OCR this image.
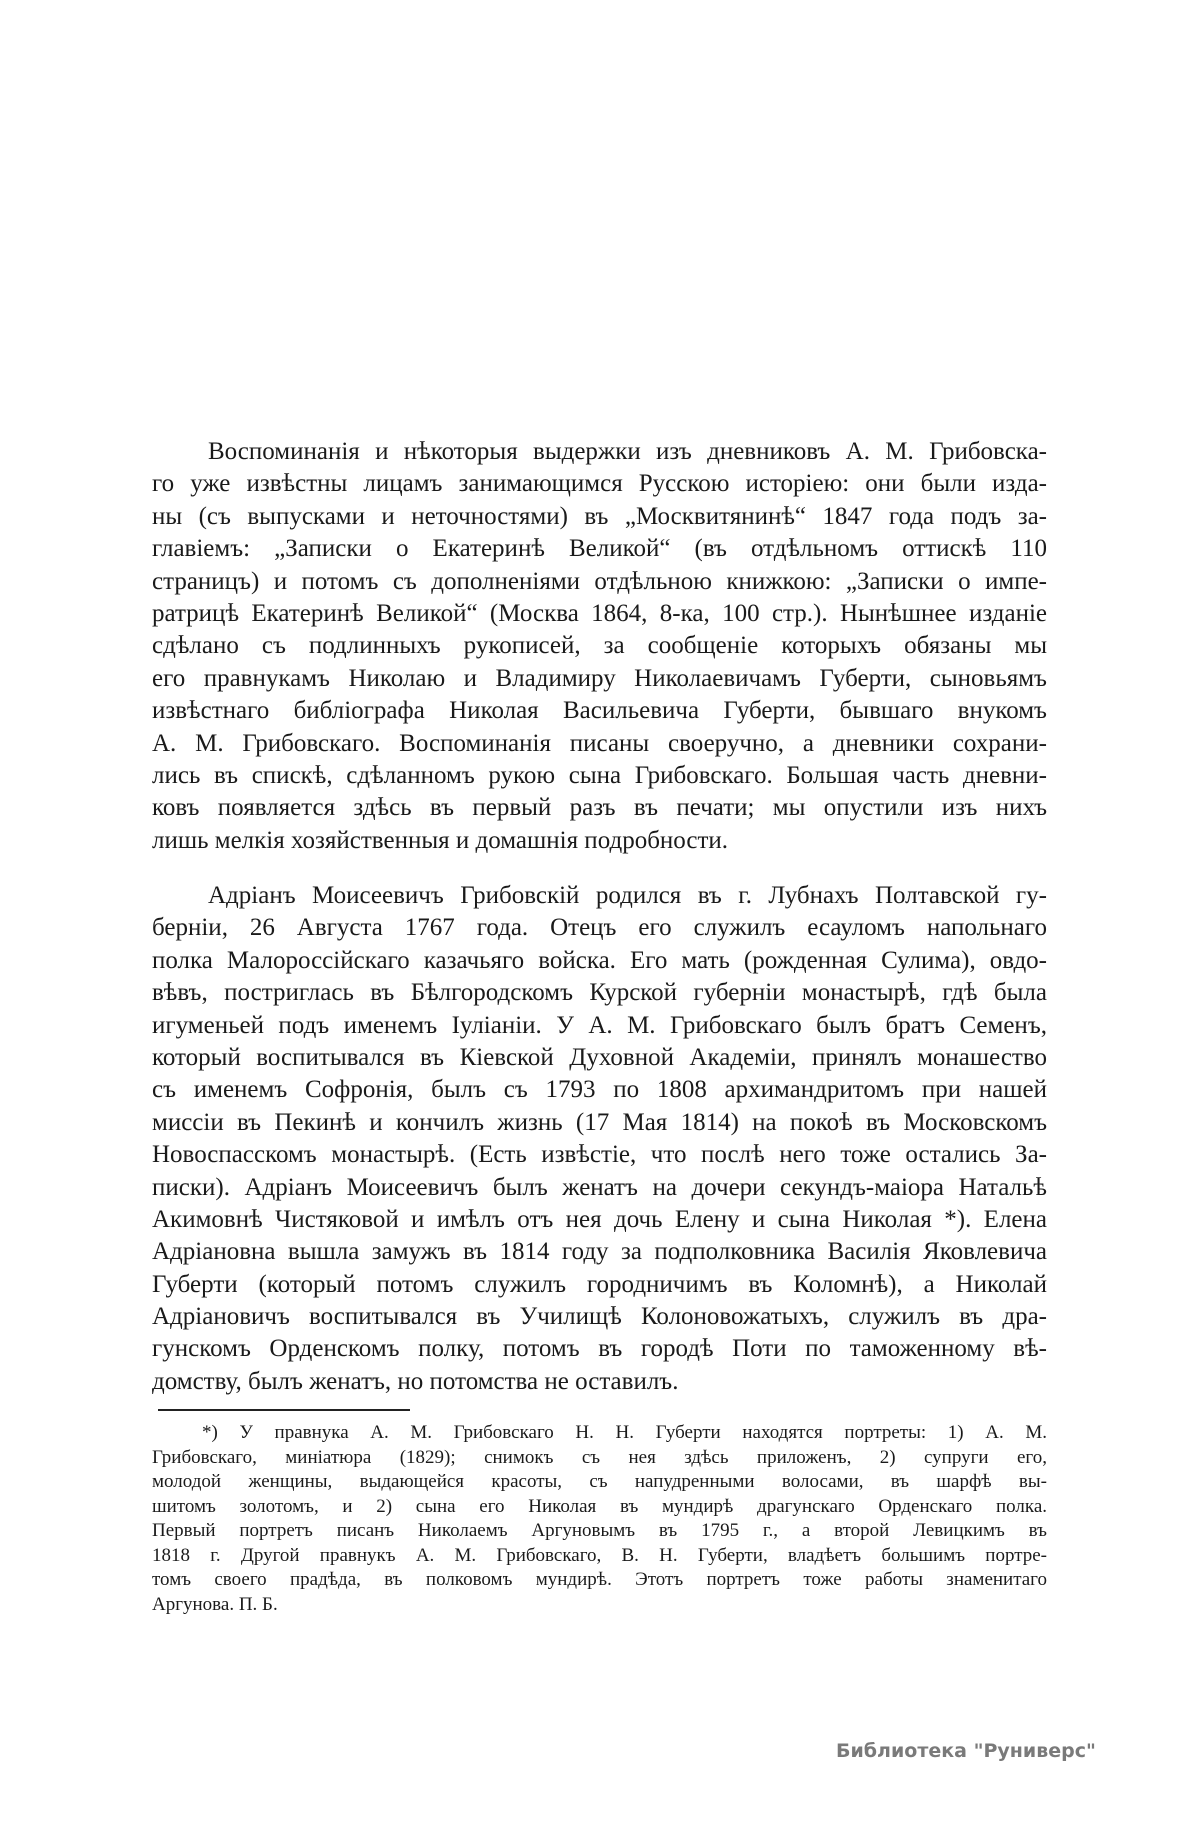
Воспоминанія и нѣкоторыя выдержки изъ дневниковъ А. М. Грибовска-
го уже извѣстны лицамъ занимающимся Русскою исторіею: они были изда-
ны (съ выпусками и неточностями) въ „Москвитянинѣ“ 1847 года подъ за-
главіемъ: „Записки о Екатеринѣ Великой“ (въ отдѣльномъ оттискѣ 110
страницъ) и потомъ съ дополненіями отдѣльною книжкою: „Записки о импе-
ратрицѣ Екатеринѣ Великой“ (Москва 1864, 8-ка, 100 стр.). Нынѣшнее изданіе
сдѣлано съ подлинныхъ рукописей, за сообщеніе которыхъ обязаны мы
его правнукамъ Николаю и Владимиру Николаевичамъ Губерти, сыновьямъ
извѣстнаго библіографа Николая Васильевича Губерти, бывшаго внукомъ
А. М. Грибовскаго. Воспоминанія писаны своеручно, а дневники сохрани-
лись въ спискѣ, сдѣланномъ рукою сына Грибовскаго. Большая часть дневни-
ковъ появляется здѣсь въ первый разъ въ печати; мы опустили изъ нихъ
лишь мелкія хозяйственныя и домашнія подробности.
Адріанъ Моисеевичъ Грибовскій родился въ г. Лубнахъ Полтавской гу-
берніи, 26 Августа 1767 года. Отецъ его служилъ есауломъ напольнаго
полка Малороссійскаго казачьяго войска. Его мать (рожденная Сулима), овдо-
вѣвъ, постриглась въ Бѣлгородскомъ Курской губерніи монастырѣ, гдѣ была
игуменьей подъ именемъ Іуліаніи. У А. М. Грибовскаго былъ братъ Семенъ,
который воспитывался въ Кіевской Духовной Академіи, принялъ монашество
съ именемъ Софронія, былъ съ 1793 по 1808 архимандритомъ при нашей
миссіи въ Пекинѣ и кончилъ жизнь (17 Мая 1814) на покоѣ въ Московскомъ
Новоспасскомъ монастырѣ. (Есть извѣстіе, что послѣ него тоже остались За-
писки). Адріанъ Моисеевичъ былъ женатъ на дочери секундъ-маіора Натальѣ
Акимовнѣ Чистяковой и имѣлъ отъ нея дочь Елену и сына Николая *). Елена
Адріановна вышла замужъ въ 1814 году за подполковника Василія Яковлевича
Губерти (который потомъ служилъ городничимъ въ Коломнѣ), а Николай
Адріановичъ воспитывался въ Училищѣ Колоновожатыхъ, служилъ въ дра-
гунскомъ Орденскомъ полку, потомъ въ городѣ Поти по таможенному вѣ-
домству, былъ женатъ, но потомства не оставилъ.
*) У правнука А. М. Грибовскаго Н. Н. Губерти находятся портреты: 1) А. М.
Грибовскаго, миніатюра (1829); снимокъ съ нея здѣсь приложенъ, 2) супруги его,
молодой женщины, выдающейся красоты, съ напудренными волосами, въ шарфѣ вы-
шитомъ золотомъ, и 2) сына его Николая въ мундирѣ драгунскаго Орденскаго полка.
Первый портретъ писанъ Николаемъ Аргуновымъ въ 1795 г., а второй Левицкимъ въ
1818 г. Другой правнукъ А. М. Грибовскаго, В. Н. Губерти, владѣетъ большимъ портре-
томъ своего прадѣда, въ полковомъ мундирѣ. Этотъ портретъ тоже работы знаменитаго
Аргунова. П. Б.
Библиотека "Руниверс"
